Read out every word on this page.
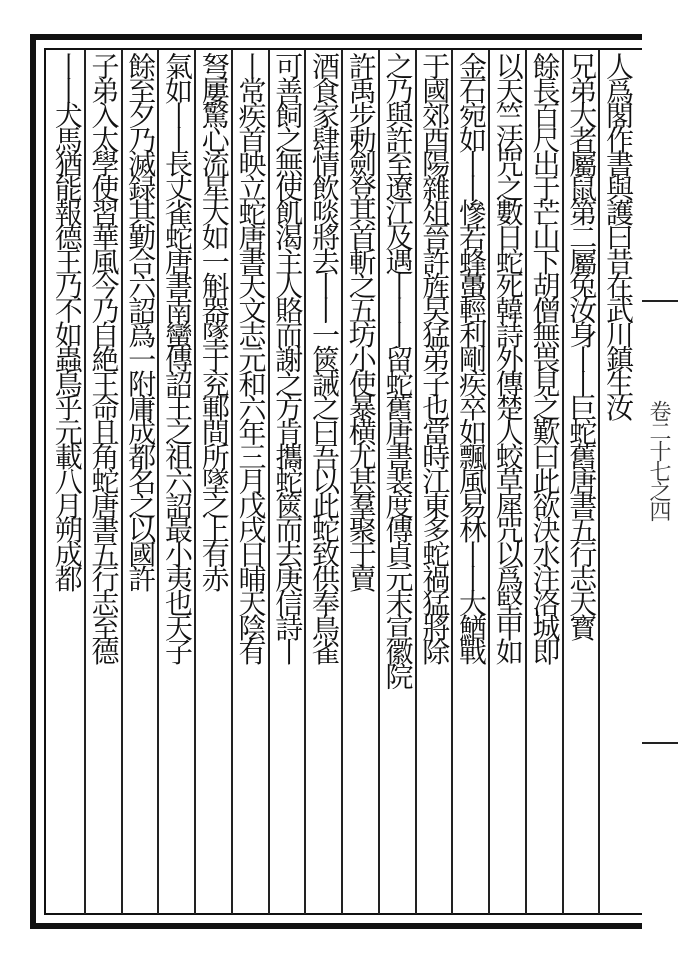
卷二十七之四
人爲閣作書與護曰昔在武川鎮生汝
兄弟大者屬鼠第二屬兔汝身丨丨巨蛇舊唐書五行志天寳
餘長百尺出于芒山下胡僧無畏見之歎曰此欲決水注洛城即
以天竺法咒之數日蛇死韓詩外傳楚人蛟草犀咒以爲堅甲如
金石宛如丨丨慘若蜂蠆輕利剛疾卒如飄風易林丨丨大鰌戰
于國郊酉陽雜俎晉許旌旲猛弟子也當時江東多蛇禍猛將除
之乃與許至遼江及遇丨丨丨留蛇舊唐書裴度傳貞元末宣徽院
許禹步勅劍登其首斬之五坊小使暴横尤甚羣聚于賣
酒食家肆情飲啖將去丨丨一篋誡之曰吾以此蛇致供奉鳥雀
可善飼之無使飢渴主人賂而謝之方肯攜蛇篋而去庚信詩丨
丨常疾首映立蛇唐書天文志元和六年三月戊戌日晡天陰有
弩屢驚心流星大如一斛器墜于兖鄆間所墜之上有赤
氣如丨丨長丈雀蛇唐書南蠻傳詔王之祖六詔最小夷也天子
餘至夕乃滅録其勤合六詔爲一附庸成都名之以國許
子弟入太學使習華風今乃自絶王命且角蛇唐書五行志至德
丨丨犬馬猶能報德王乃不如蟲鳥乎元載八月朔成都
